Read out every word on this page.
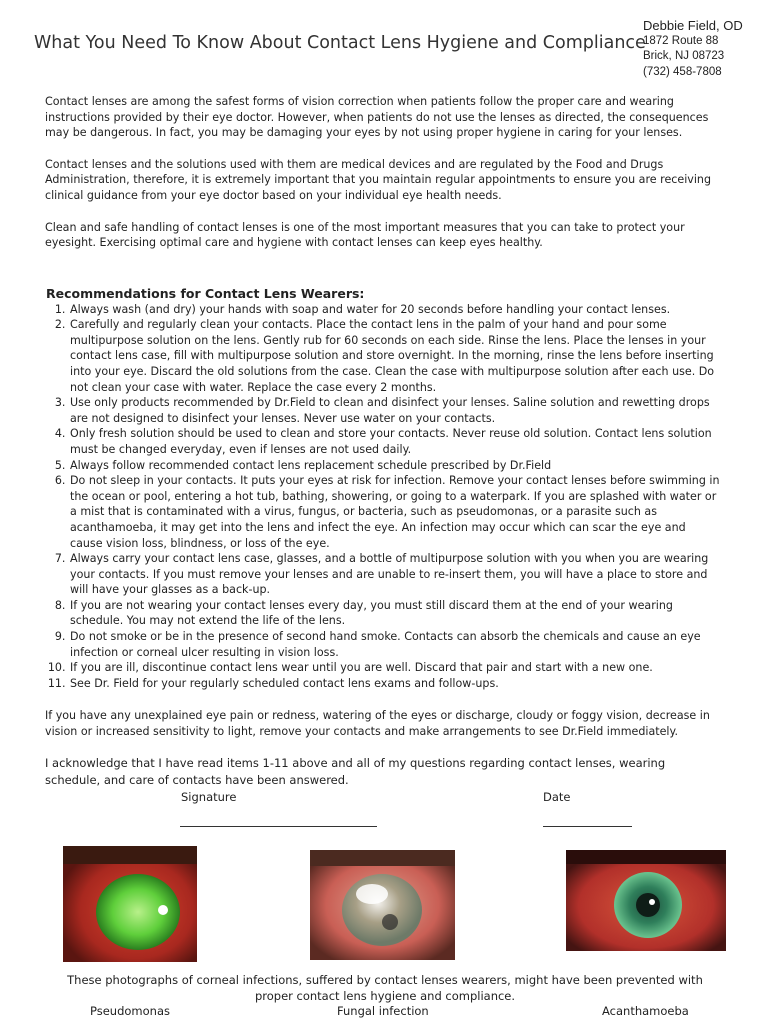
What You Need To Know About Contact Lens Hygiene and Compliance
Debbie Field, OD
1872 Route 88
Brick, NJ 08723
(732) 458-7808

Contact lenses are among the safest forms of vision correction when patients follow the proper care and wearing instructions provided by their eye doctor. However, when patients do not use the lenses as directed, the consequences may be dangerous. In fact, you may be damaging your eyes by not using proper hygiene in caring for your lenses.

Contact lenses and the solutions used with them are medical devices and are regulated by the Food and Drugs Administration, therefore, it is extremely important that you maintain regular appointments to ensure you are receiving clinical guidance from your eye doctor based on your individual eye health needs.

Clean and safe handling of contact lenses is one of the most important measures that you can take to protect your eyesight. Exercising optimal care and hygiene with contact lenses can keep eyes healthy.

Recommendations for Contact Lens Wearers:
1. Always wash (and dry) your hands with soap and water for 20 seconds before handling your contact lenses.
2. Carefully and regularly clean your contacts. Place the contact lens in the palm of your hand and pour some multipurpose solution on the lens. Gently rub for 60 seconds on each side. Rinse the lens. Place the lenses in your contact lens case, fill with multipurpose solution and store overnight. In the morning, rinse the lens before inserting into your eye. Discard the old solutions from the case. Clean the case with multipurpose solution after each use. Do not clean your case with water. Replace the case every 2 months.
3. Use only products recommended by Dr.Field to clean and disinfect your lenses. Saline solution and rewetting drops are not designed to disinfect your lenses. Never use water on your contacts.
4. Only fresh solution should be used to clean and store your contacts. Never reuse old solution. Contact lens solution must be changed everyday, even if lenses are not used daily.
5. Always follow recommended contact lens replacement schedule prescribed by Dr.Field
6. Do not sleep in your contacts. It puts your eyes at risk for infection. Remove your contact lenses before swimming in the ocean or pool, entering a hot tub, bathing, showering, or going to a waterpark. If you are splashed with water or a mist that is contaminated with a virus, fungus, or bacteria, such as pseudomonas, or a parasite such as acanthamoeba, it may get into the lens and infect the eye. An infection may occur which can scar the eye and cause vision loss, blindness, or loss of the eye.
7. Always carry your contact lens case, glasses, and a bottle of multipurpose solution with you when you are wearing your contacts. If you must remove your lenses and are unable to re-insert them, you will have a place to store and will have your glasses as a back-up.
8. If you are not wearing your contact lenses every day, you must still discard them at the end of your wearing schedule. You may not extend the life of the lens.
9. Do not smoke or be in the presence of second hand smoke. Contacts can absorb the chemicals and cause an eye infection or corneal ulcer resulting in vision loss.
10. If you are ill, discontinue contact lens wear until you are well. Discard that pair and start with a new one.
11. See Dr. Field for your regularly scheduled contact lens exams and follow-ups.
If you have any unexplained eye pain or redness, watering of the eyes or discharge, cloudy or foggy vision, decrease in vision or increased sensitivity to light, remove your contacts and make arrangements to see Dr.Field immediately.
I acknowledge that I have read items 1-11 above and all of my questions regarding contact lenses, wearing schedule, and care of contacts have been answered.
Signature	Date
These photographs of corneal infections, suffered by contact lenses wearers, might have been prevented with proper contact lens hygiene and compliance.
Pseudomonas	Fungal infection	Acanthamoeba
